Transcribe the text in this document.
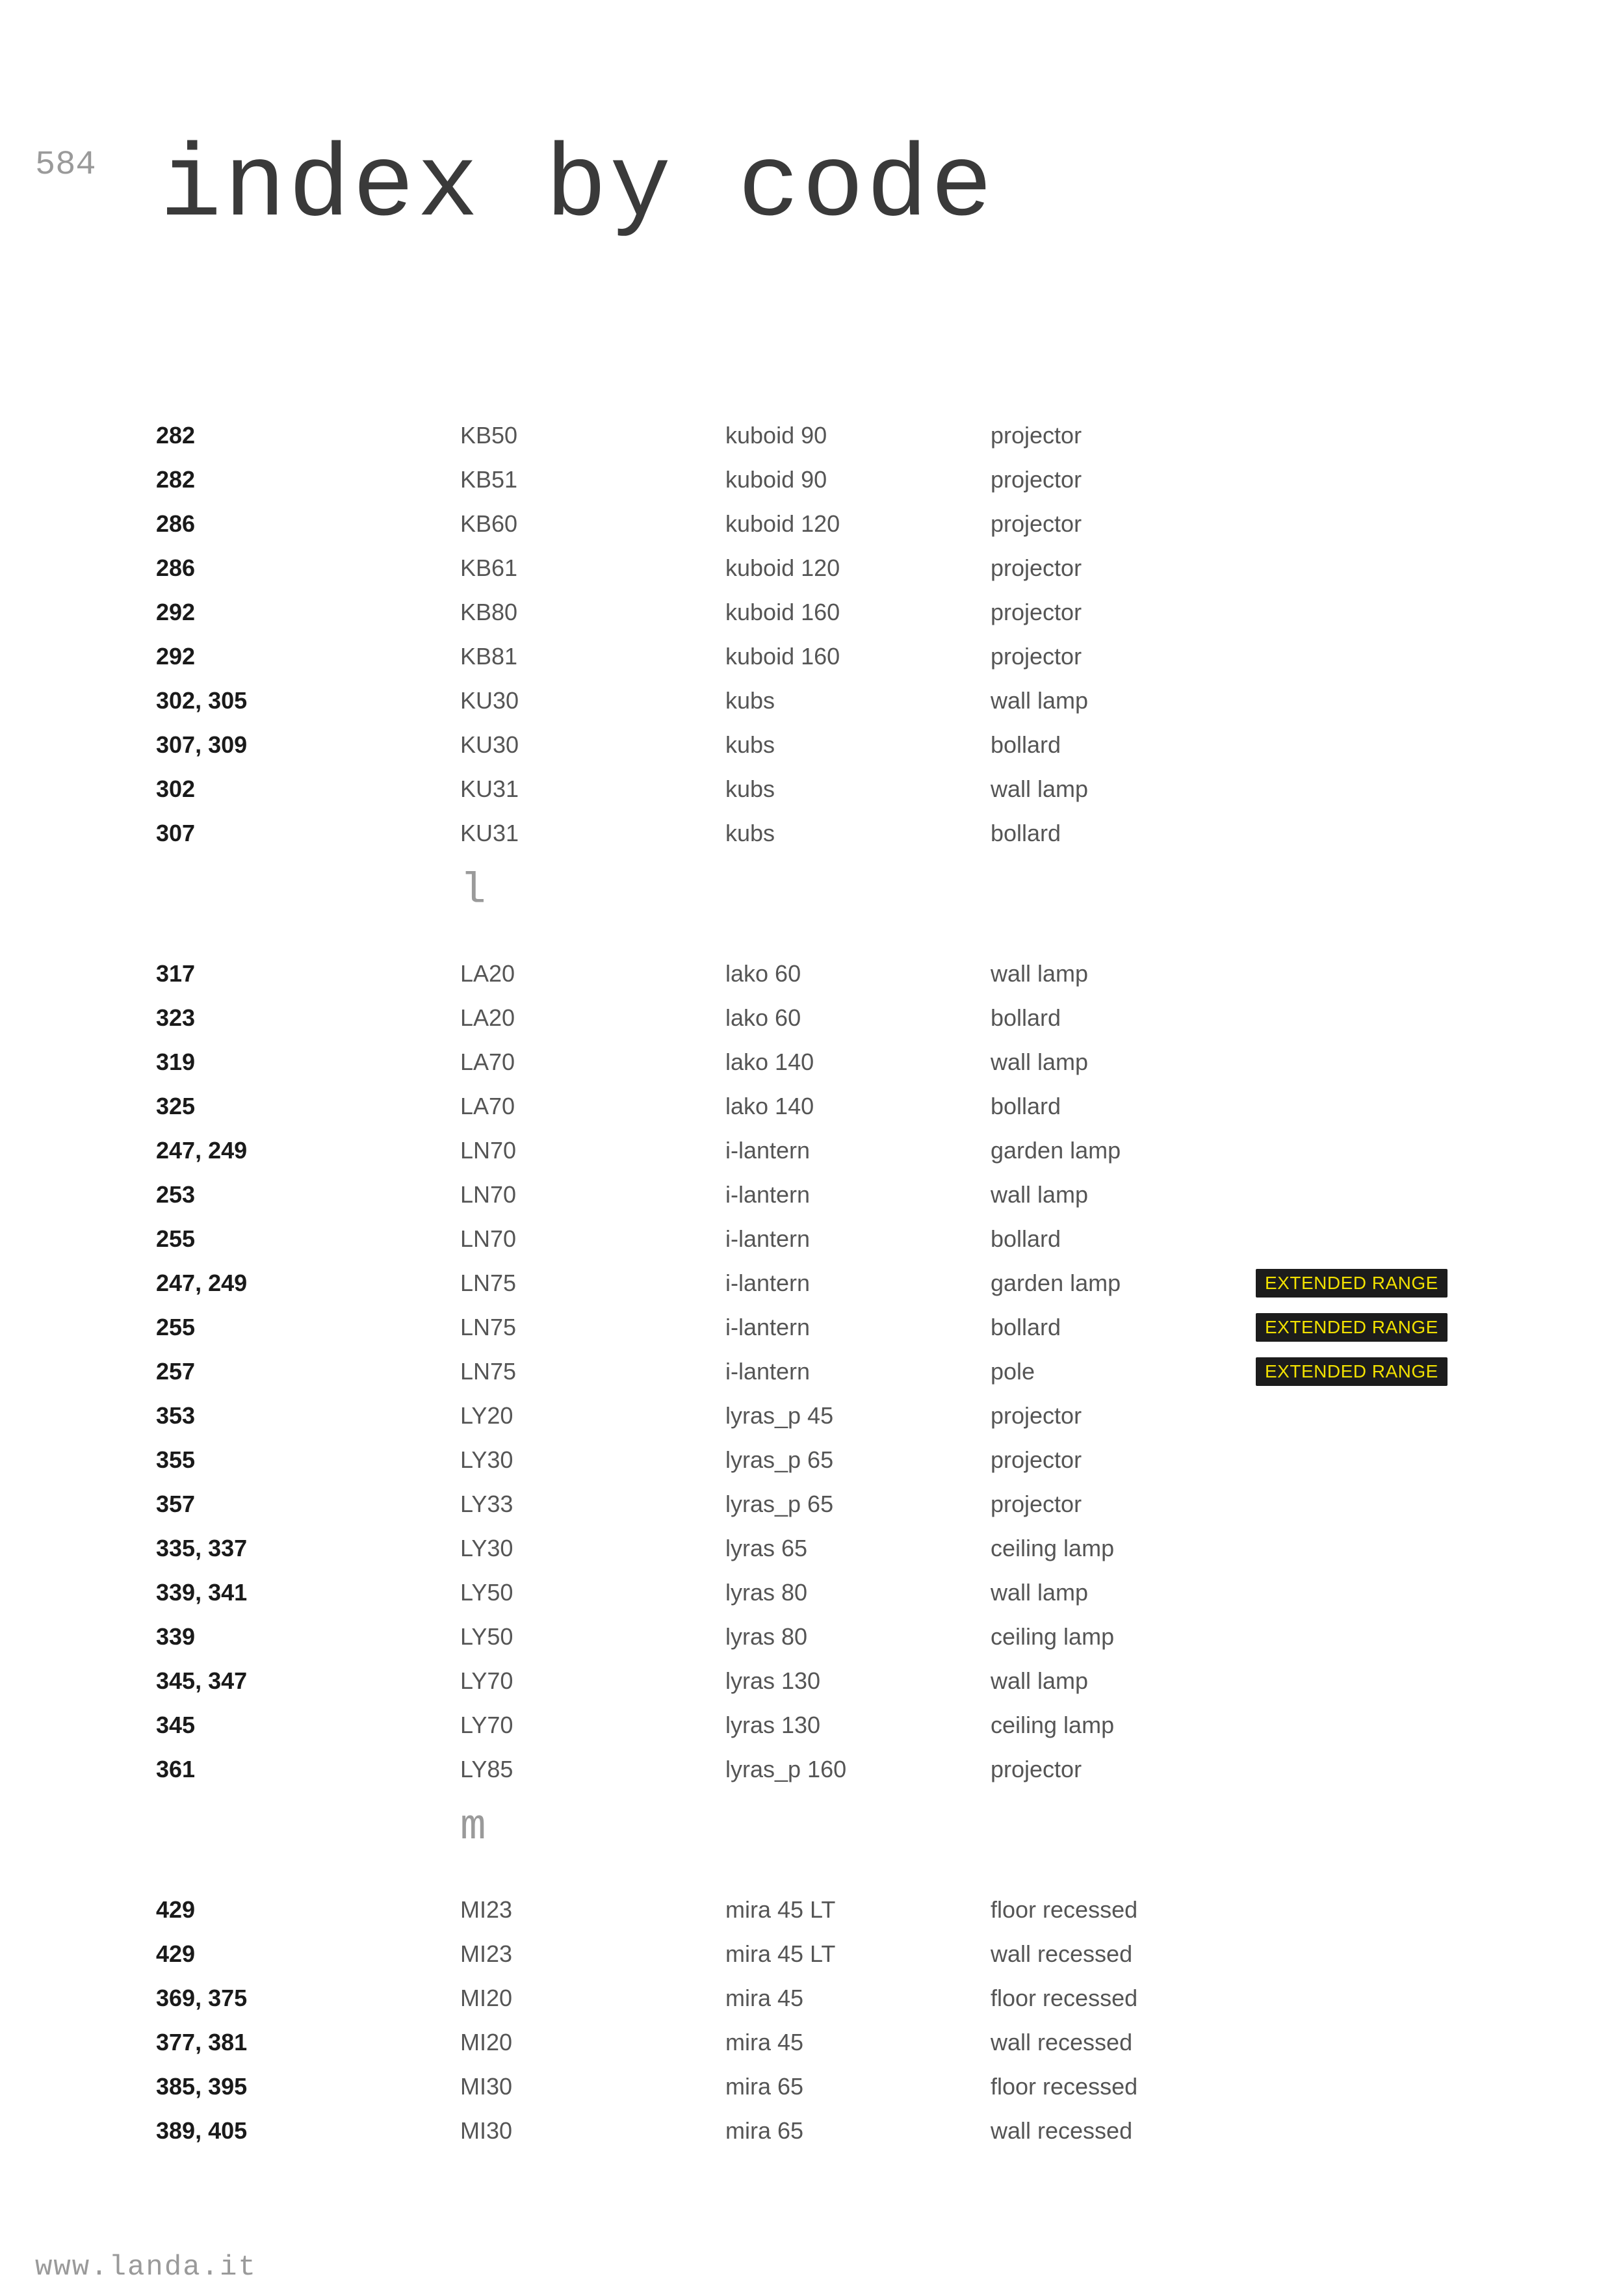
584 index by code
282	KB50	kuboid 90	projector
282	KB51	kuboid 90	projector
286	KB60	kuboid 120	projector
286	KB61	kuboid 120	projector
292	KB80	kuboid 160	projector
292	KB81	kuboid 160	projector
302, 305	KU30	kubs	wall lamp
307, 309	KU30	kubs	bollard
302	KU31	kubs	wall lamp
307	KU31	kubs	bollard
l
317	LA20	lako 60	wall lamp
323	LA20	lako 60	bollard
319	LA70	lako 140	wall lamp
325	LA70	lako 140	bollard
247, 249	LN70	i-lantern	garden lamp
253	LN70	i-lantern	wall lamp
255	LN70	i-lantern	bollard
247, 249	LN75	i-lantern	garden lamp	EXTENDED RANGE
255	LN75	i-lantern	bollard	EXTENDED RANGE
257	LN75	i-lantern	pole	EXTENDED RANGE
353	LY20	lyras_p 45	projector
355	LY30	lyras_p 65	projector
357	LY33	lyras_p 65	projector
335, 337	LY30	lyras 65	ceiling lamp
339, 341	LY50	lyras 80	wall lamp
339	LY50	lyras 80	ceiling lamp
345, 347	LY70	lyras 130	wall lamp
345	LY70	lyras 130	ceiling lamp
361	LY85	lyras_p 160	projector
m
429	MI23	mira 45 LT	floor recessed
429	MI23	mira 45 LT	wall recessed
369, 375	MI20	mira 45	floor recessed
377, 381	MI20	mira 45	wall recessed
385, 395	MI30	mira 65	floor recessed
389, 405	MI30	mira 65	wall recessed
www.landa.it
